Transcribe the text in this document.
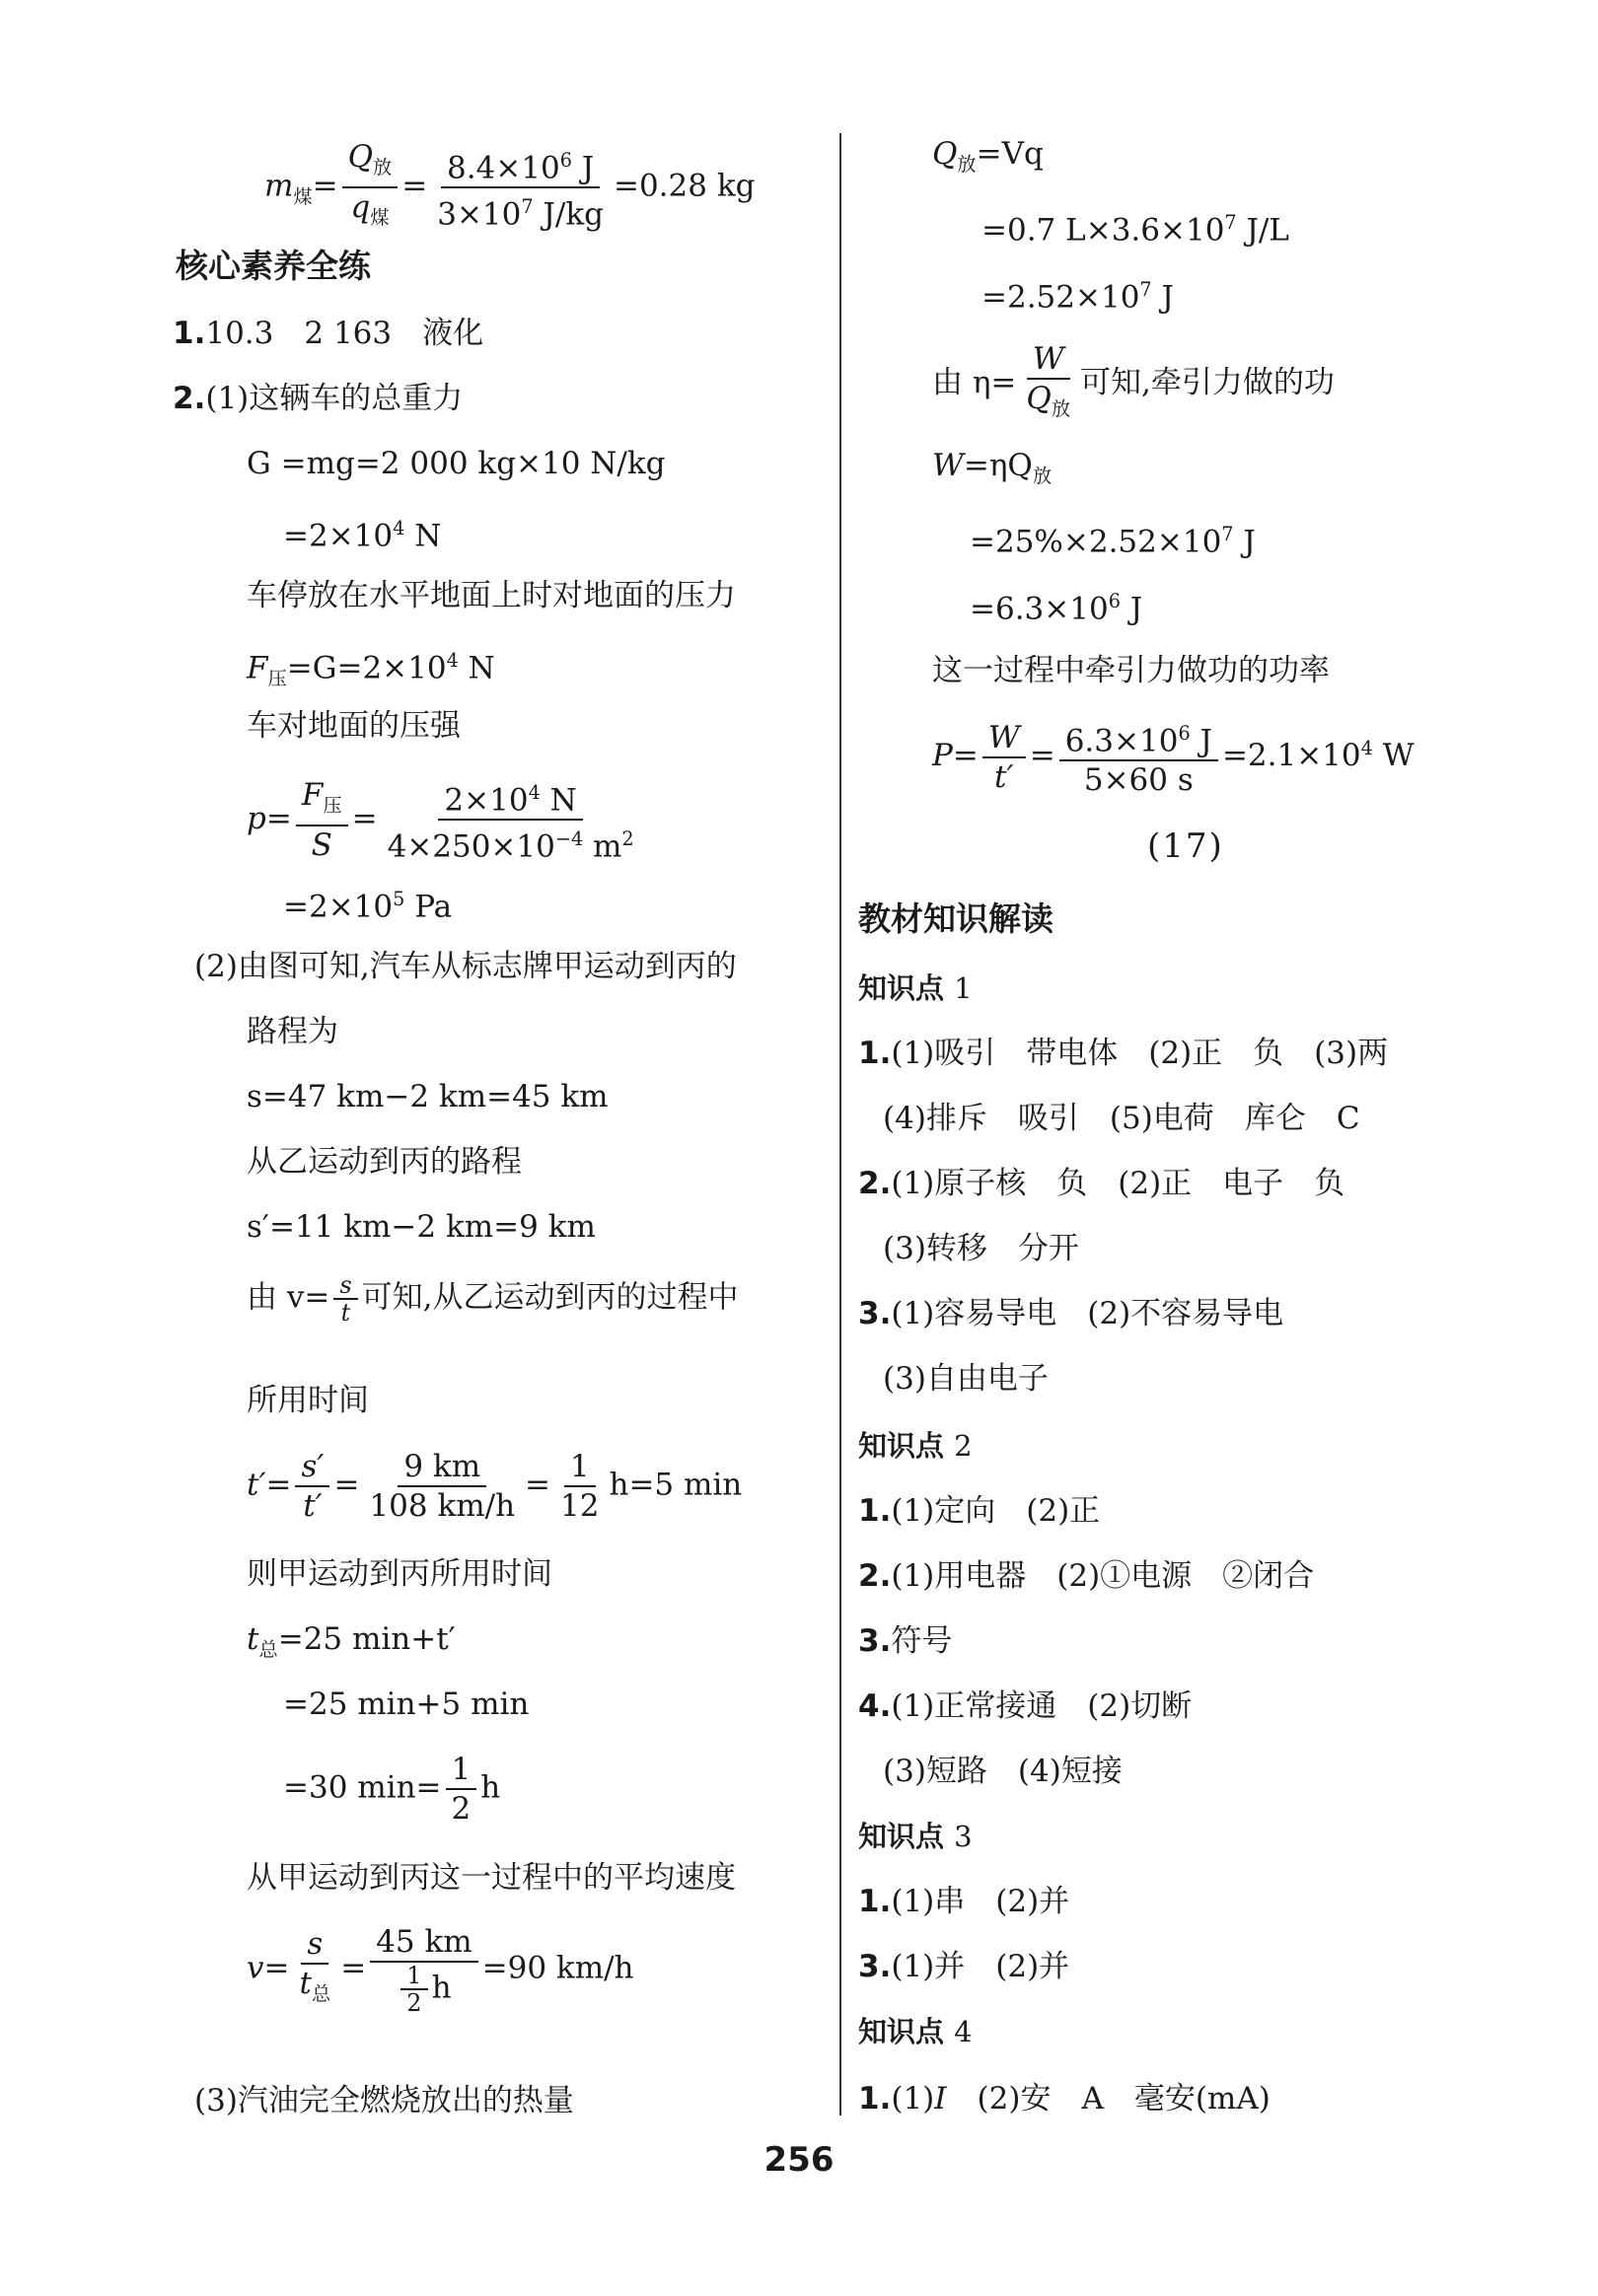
$m_煤= \frac{Q_放}{q_煤} = \frac{8.4\times 10^6 J}{3\times 10^7 J/kg} =0.28$ kg
核心素养全练
1.10.3　2 163　液化
2.(1)这辆车的总重力
G =mg=2 000 kg×10 N/kg
$=2\times 10^4$ N
车停放在水平地面上时对地面的压力
$F_压=G=2\times 10^4$ N
车对地面的压强
$p= \frac{F_压}{S} = \frac{2\times 10^4 N}{4\times 250\times 10^{-4} m^2}$
$=2\times 10^5$ Pa
(2)由图可知,汽车从标志牌甲运动到丙的
路程为
s=47 km−2 km=45 km
从乙运动到丙的路程
s′=11 km−2 km=9 km
由 $v= \frac{s}{t}$ 可知,从乙运动到丙的过程中
所用时间
$t'= \frac{s'}{t'} = \frac{9 km}{108 km/h} = \frac{1}{12} h=5$ min
则甲运动到丙所用时间
$t_总=25$ min+t′
=25 min+5 min
=30 $\min= \frac{1}{2}$ h
从甲运动到丙这一过程中的平均速度
$v= \frac{s}{t_总} = \frac{45 km}{\frac{1}{2} h} =90$ km/h
(3)汽油完全燃烧放出的热量
$Q_放=Vq$
=0.7 $L\times 3.6\times 10^7$ J/L
$=2.52\times 10^7$ J
由 $\eta= \frac{W}{Q_放}$ 可知,牵引力做的功
$W=\eta Q_放$
$=25\%\times 2.52\times 10^7$ J
$=6.3\times 10^6$ J
这一过程中牵引力做功的功率
$P= \frac{W}{t'} = \frac{6.3\times 10^6 J}{5\times 60 s} =2.1\times 10^4$ W
(17)
教材知识解读
知识点 1
1.(1)吸引　带电体　(2)正　负　(3)两
(4)排斥　吸引　(5)电荷　库仑　C
2.(1)原子核　负　(2)正　电子　负
(3)转移　分开
3.(1)容易导电　(2)不容易导电
(3)自由电子
知识点 2
1.(1)定向　(2)正
2.(1)用电器　(2)①电源　②闭合
3.符号
4.(1)正常接通　(2)切断
(3)短路　(4)短接
知识点 3
1.(1)串　(2)并
3.(1)并　(2)并
知识点 4
1.(1)I　(2)安　A　毫安(mA)
256
